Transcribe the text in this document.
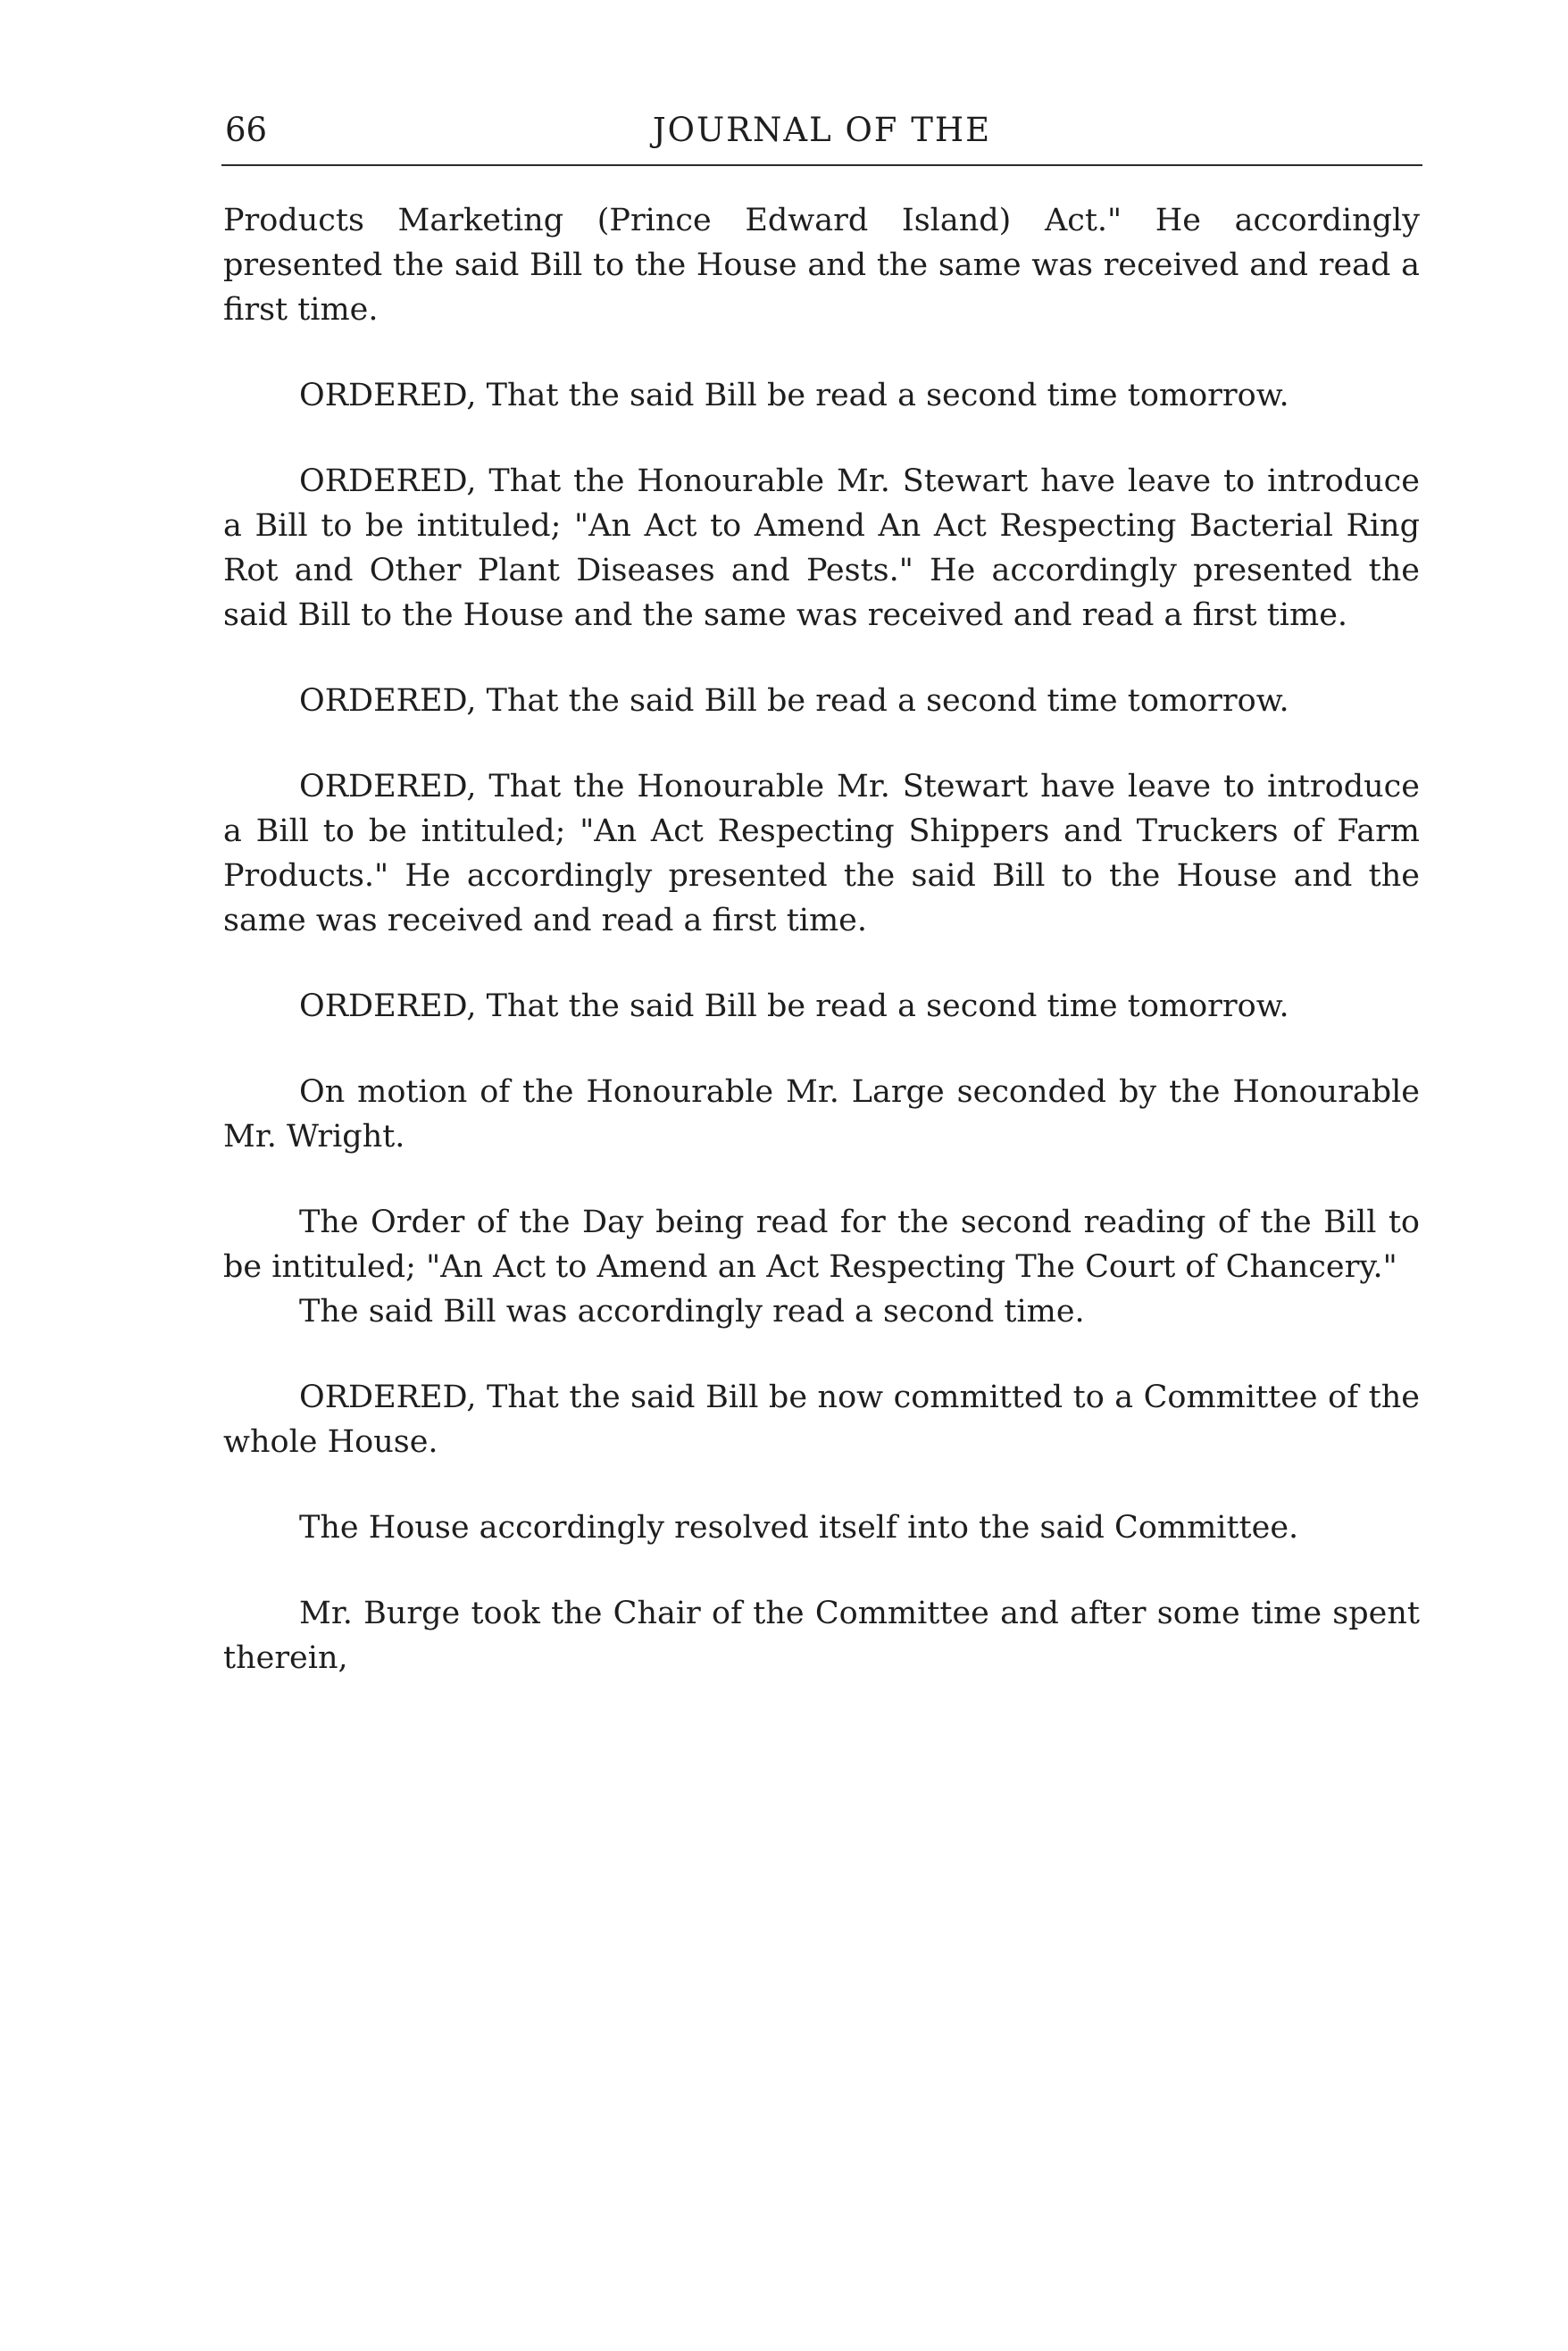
66	JOURNAL OF THE

Products Marketing (Prince Edward Island) Act." He accordingly presented the said Bill to the House and the same was received and read a first time.

ORDERED, That the said Bill be read a second time tomorrow.

ORDERED, That the Honourable Mr. Stewart have leave to introduce a Bill to be intituled; "An Act to Amend An Act Respecting Bacterial Ring Rot and Other Plant Diseases and Pests." He accordingly presented the said Bill to the House and the same was received and read a first time.

ORDERED, That the said Bill be read a second time tomorrow.

ORDERED, That the Honourable Mr. Stewart have leave to introduce a Bill to be intituled; "An Act Respecting Shippers and Truckers of Farm Products." He accordingly presented the said Bill to the House and the same was received and read a first time.

ORDERED, That the said Bill be read a second time tomorrow.

On motion of the Honourable Mr. Large seconded by the Honourable Mr. Wright.

The Order of the Day being read for the second reading of the Bill to be intituled; "An Act to Amend an Act Respecting The Court of Chancery."

The said Bill was accordingly read a second time.

ORDERED, That the said Bill be now committed to a Committee of the whole House.

The House accordingly resolved itself into the said Committee.

Mr. Burge took the Chair of the Committee and after some time spent therein,
